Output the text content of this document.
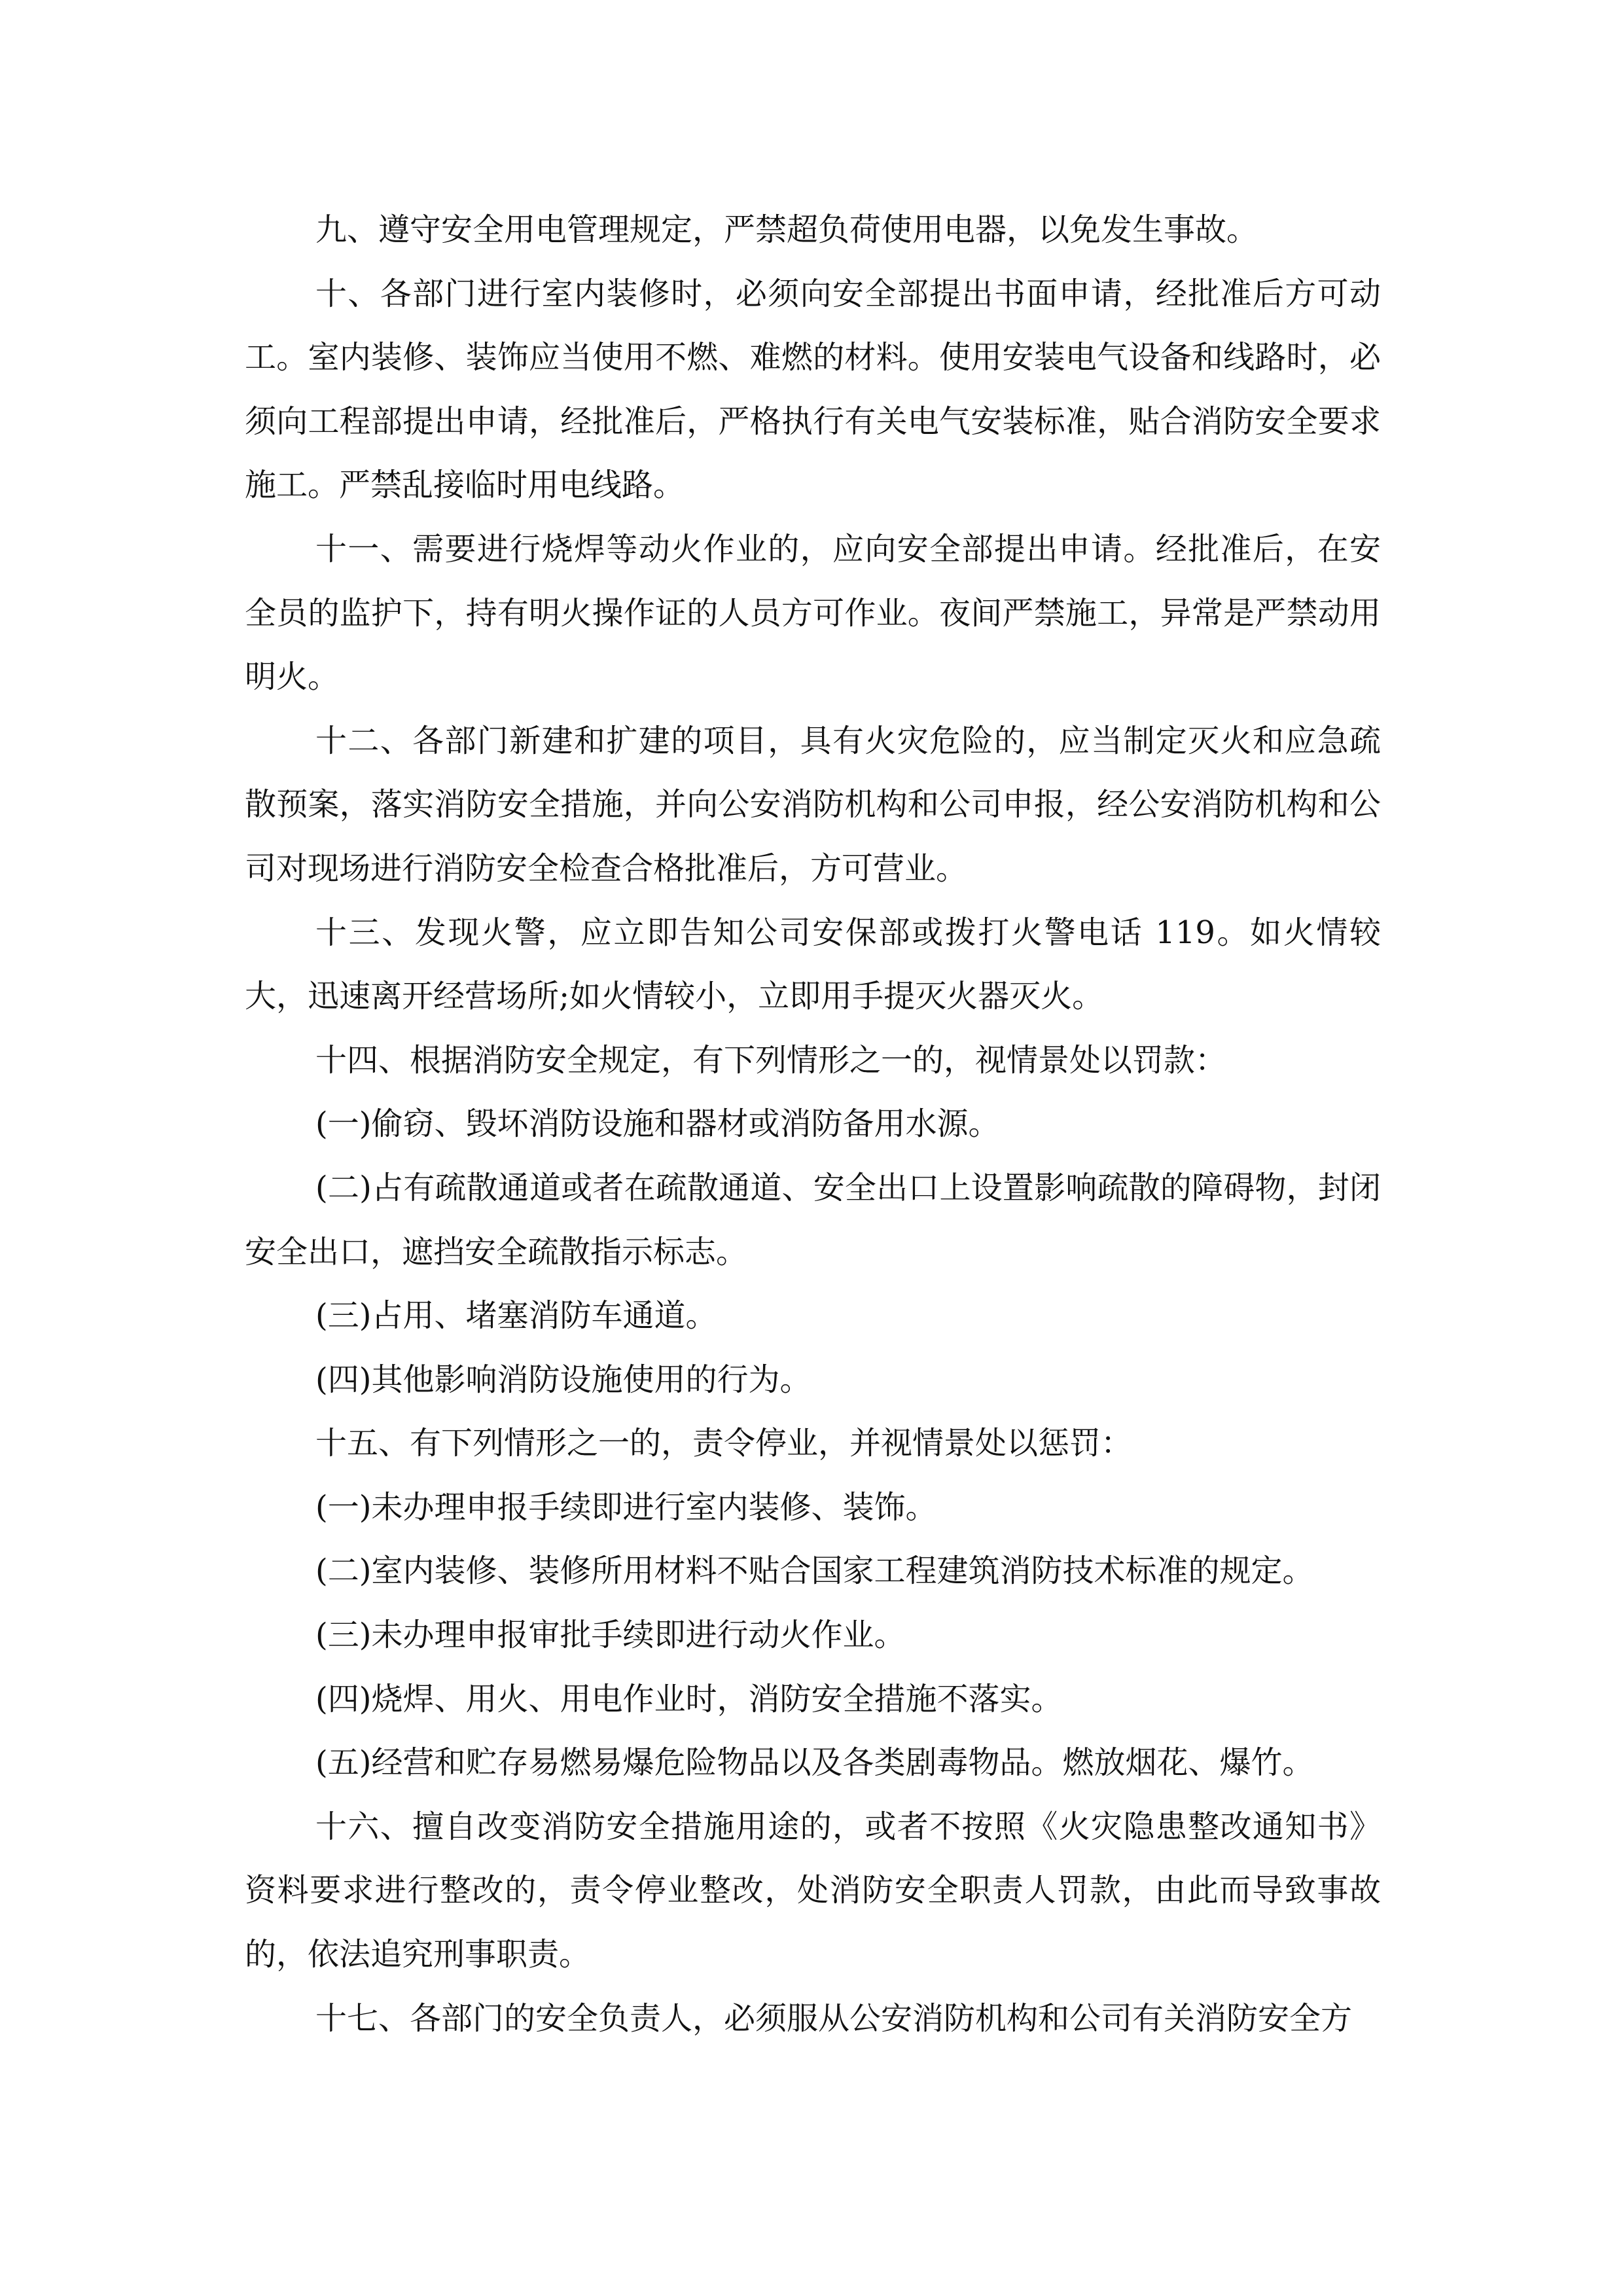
九、遵守安全用电管理规定，严禁超负荷使用电器，以免发生事故。

十、各部门进行室内装修时，必须向安全部提出书面申请，经批准后方可动工。室内装修、装饰应当使用不燃、难燃的材料。使用安装电气设备和线路时，必须向工程部提出申请，经批准后，严格执行有关电气安装标准，贴合消防安全要求施工。严禁乱接临时用电线路。

十一、需要进行烧焊等动火作业的，应向安全部提出申请。经批准后，在安全员的监护下，持有明火操作证的人员方可作业。夜间严禁施工，异常是严禁动用明火。

十二、各部门新建和扩建的项目，具有火灾危险的，应当制定灭火和应急疏散预案，落实消防安全措施，并向公安消防机构和公司申报，经公安消防机构和公司对现场进行消防安全检查合格批准后，方可营业。

十三、发现火警，应立即告知公司安保部或拨打火警电话 119。如火情较大，迅速离开经营场所;如火情较小，立即用手提灭火器灭火。

十四、根据消防安全规定，有下列情形之一的，视情景处以罚款：

(一)偷窃、毁坏消防设施和器材或消防备用水源。

(二)占有疏散通道或者在疏散通道、安全出口上设置影响疏散的障碍物，封闭安全出口，遮挡安全疏散指示标志。

(三)占用、堵塞消防车通道。

(四)其他影响消防设施使用的行为。

十五、有下列情形之一的，责令停业，并视情景处以惩罚：

(一)未办理申报手续即进行室内装修、装饰。

(二)室内装修、装修所用材料不贴合国家工程建筑消防技术标准的规定。

(三)未办理申报审批手续即进行动火作业。

(四)烧焊、用火、用电作业时，消防安全措施不落实。

(五)经营和贮存易燃易爆危险物品以及各类剧毒物品。燃放烟花、爆竹。

十六、擅自改变消防安全措施用途的，或者不按照《火灾隐患整改通知书》资料要求进行整改的，责令停业整改，处消防安全职责人罚款，由此而导致事故的，依法追究刑事职责。

十七、各部门的安全负责人，必须服从公安消防机构和公司有关消防安全方
